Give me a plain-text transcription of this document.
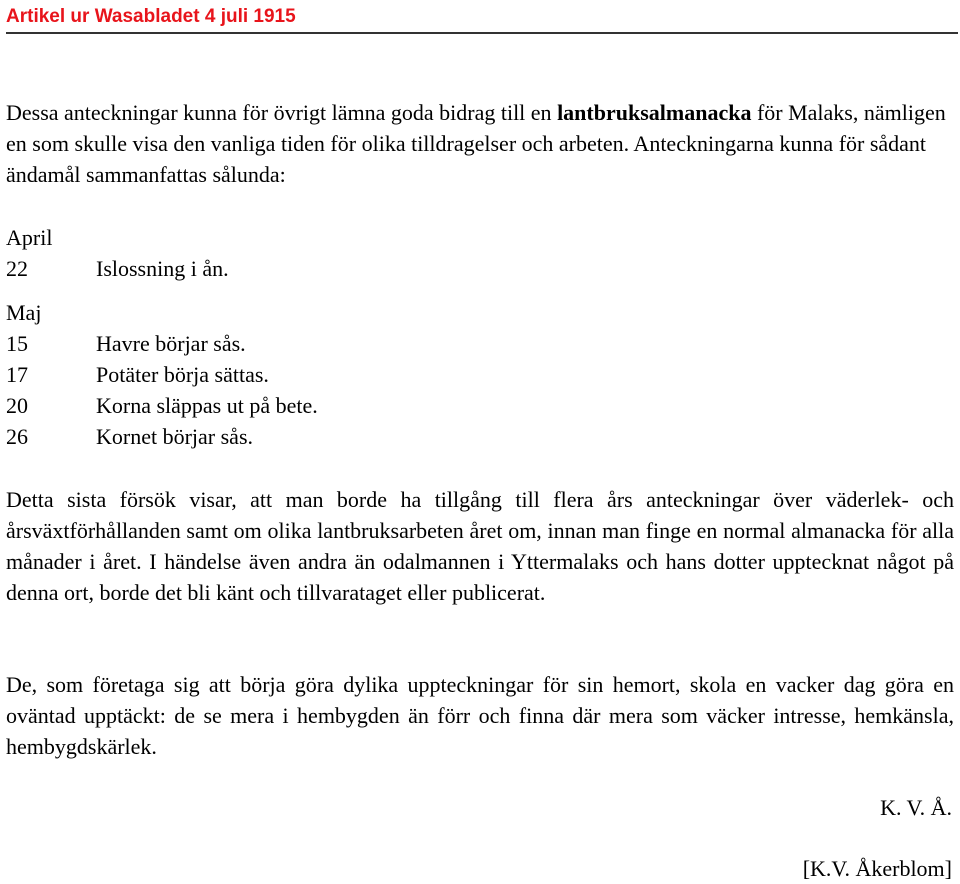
Artikel ur Wasabladet 4 juli 1915

Dessa anteckningar kunna för övrigt lämna goda bidrag till en lantbruksalmanacka för Malaks, nämligen en som skulle visa den vanliga tiden för olika tilldragelser och arbeten. Anteckningarna kunna för sådant ändamål sammanfattas sålunda:

April
22	Islossning i ån.
Maj
15	Havre börjar sås.
17	Potäter börja sättas.
20	Korna släppas ut på bete.
26	Kornet börjar sås.

Detta sista försök visar, att man borde ha tillgång till flera års anteckningar över väderlek- och årsväxtförhållanden samt om olika lantbruksarbeten året om, innan man finge en normal almanacka för alla månader i året. I händelse även andra än odalmannen i Yttermalaks och hans dotter upptecknat något på denna ort, borde det bli känt och tillvarataget eller publicerat.

De, som företaga sig att börja göra dylika uppteckningar för sin hemort, skola en vacker dag göra en oväntad upptäckt: de se mera i hembygden än förr och finna där mera som väcker intresse, hemkänsla, hembygdskärlek.

K. V. Å.
[K.V. Åkerblom]
